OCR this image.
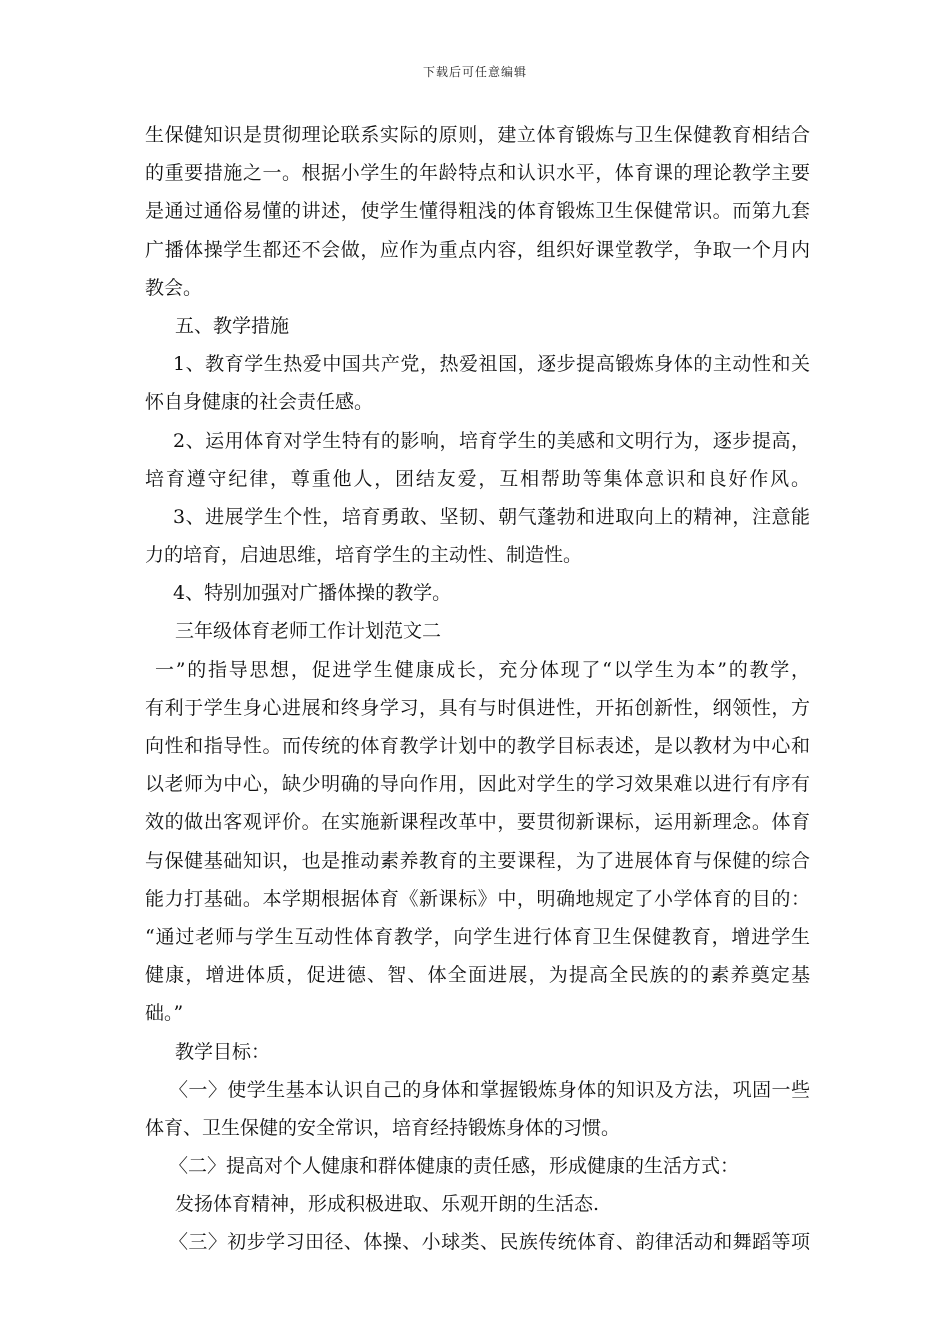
下载后可任意编辑
生保健知识是贯彻理论联系实际的原则，建立体育锻炼与卫生保健教育相结合
的重要措施之一。根据小学生的年龄特点和认识水平，体育课的理论教学主要
是通过通俗易懂的讲述，使学生懂得粗浅的体育锻炼卫生保健常识。而第九套
广播体操学生都还不会做，应作为重点内容，组织好课堂教学，争取一个月内
教会。
五、教学措施
1、教育学生热爱中国共产党，热爱祖国，逐步提高锻炼身体的主动性和关
怀自身健康的社会责任感。
2、运用体育对学生特有的影响，培育学生的美感和文明行为，逐步提高，
培育遵守纪律，尊重他人，团结友爱，互相帮助等集体意识和良好作风。
3、进展学生个性，培育勇敢、坚韧、朝气蓬勃和进取向上的精神，注意能
力的培育，启迪思维，培育学生的主动性、制造性。
4、特别加强对广播体操的教学。
三年级体育老师工作计划范文二
一”的指导思想，促进学生健康成长，充分体现了“以学生为本”的教学，
有利于学生身心进展和终身学习，具有与时俱进性，开拓创新性，纲领性，方
向性和指导性。而传统的体育教学计划中的教学目标表述，是以教材为中心和
以老师为中心，缺少明确的导向作用，因此对学生的学习效果难以进行有序有
效的做出客观评价。在实施新课程改革中，要贯彻新课标，运用新理念。体育
与保健基础知识，也是推动素养教育的主要课程，为了进展体育与保健的综合
能力打基础。本学期根据体育《新课标》中，明确地规定了小学体育的目的：
“通过老师与学生互动性体育教学，向学生进行体育卫生保健教育，增进学生
健康，增进体质，促进德、智、体全面进展，为提高全民族的的素养奠定基
础。”
教学目标：
〈一〉使学生基本认识自己的身体和掌握锻炼身体的知识及方法，巩固一些
体育、卫生保健的安全常识，培育经持锻炼身体的习惯。
〈二〉提高对个人健康和群体健康的责任感，形成健康的生活方式：
发扬体育精神，形成积极进取、乐观开朗的生活态.
〈三〉初步学习田径、体操、小球类、民族传统体育、韵律活动和舞蹈等项
